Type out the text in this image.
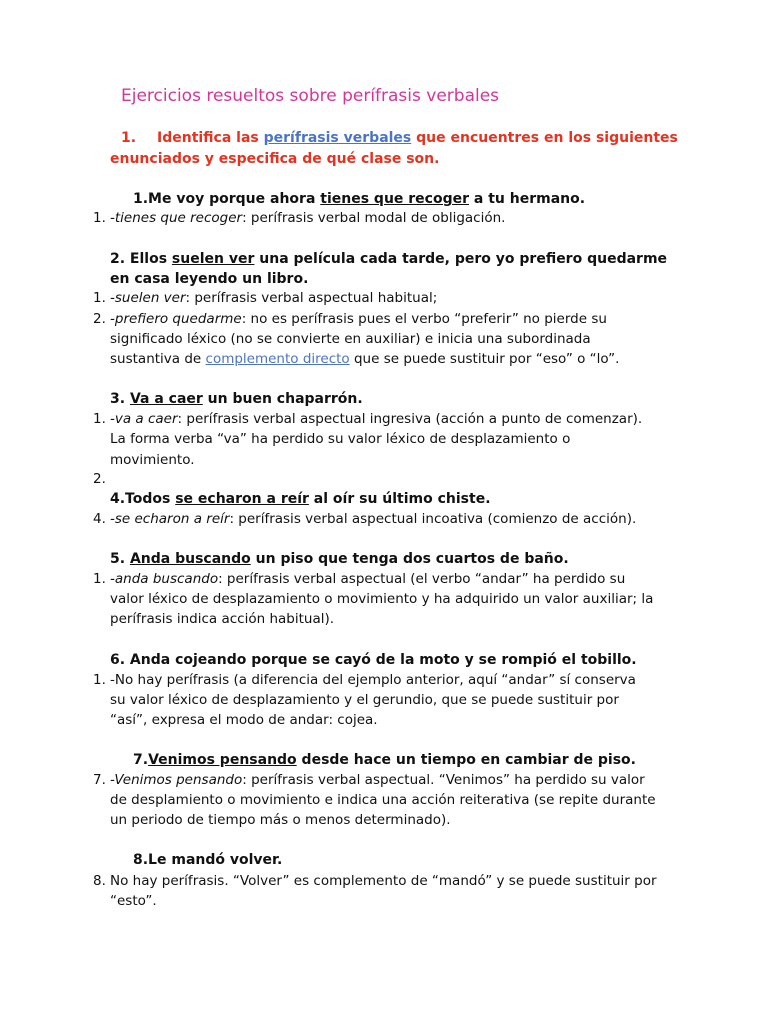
Ejercicios resueltos sobre perífrasis verbales
1. Identifica las perífrasis verbales que encuentres en los siguientes
enunciados y especifica de qué clase son.
1.Me voy porque ahora tienes que recoger a tu hermano.
1. -tienes que recoger: perífrasis verbal modal de obligación.
2. Ellos suelen ver una película cada tarde, pero yo prefiero quedarme
en casa leyendo un libro.
1. -suelen ver: perífrasis verbal aspectual habitual;
2. -prefiero quedarme: no es perífrasis pues el verbo “preferir” no pierde su
significado léxico (no se convierte en auxiliar) e inicia una subordinada
sustantiva de complemento directo que se puede sustituir por “eso” o “lo”.
3. Va a caer un buen chaparrón.
1. -va a caer: perífrasis verbal aspectual ingresiva (acción a punto de comenzar).
La forma verba “va” ha perdido su valor léxico de desplazamiento o
movimiento.
2.
4.Todos se echaron a reír al oír su último chiste.
4. -se echaron a reír: perífrasis verbal aspectual incoativa (comienzo de acción).
5. Anda buscando un piso que tenga dos cuartos de baño.
1. -anda buscando: perífrasis verbal aspectual (el verbo “andar” ha perdido su
valor léxico de desplazamiento o movimiento y ha adquirido un valor auxiliar; la
perífrasis indica acción habitual).
6. Anda cojeando porque se cayó de la moto y se rompió el tobillo.
1. -No hay perífrasis (a diferencia del ejemplo anterior, aquí “andar” sí conserva
su valor léxico de desplazamiento y el gerundio, que se puede sustituir por
“así”, expresa el modo de andar: cojea.
7.Venimos pensando desde hace un tiempo en cambiar de piso.
7. -Venimos pensando: perífrasis verbal aspectual. “Venimos” ha perdido su valor
de desplamiento o movimiento e indica una acción reiterativa (se repite durante
un periodo de tiempo más o menos determinado).
8.Le mandó volver.
8. No hay perífrasis. “Volver” es complemento de “mandó” y se puede sustituir por
“esto”.
